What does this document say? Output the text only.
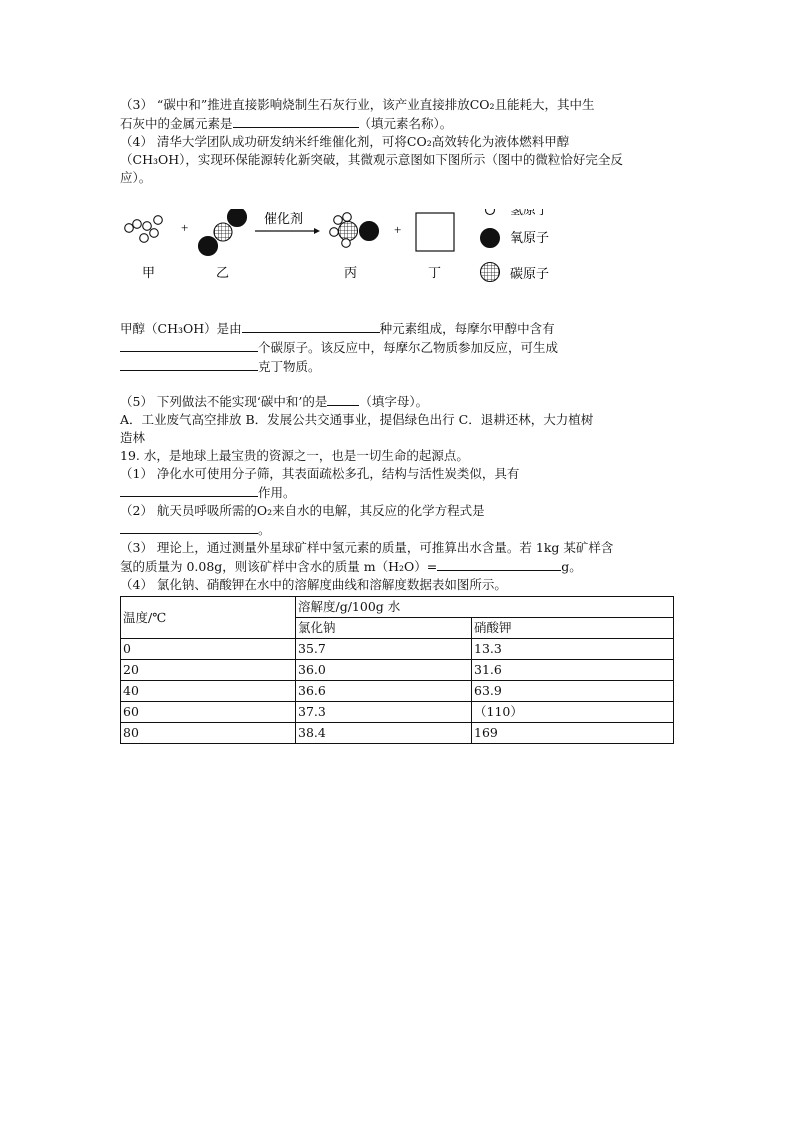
（3） “碳中和”推进直接影响烧制生石灰行业，该产业直接排放CO₂且能耗大，其中生

石灰中的金属元素是	（填元素名称）。

（4） 清华大学团队成功研发纳米纤维催化剂，可将CO₂高效转化为液体燃料甲醇

（CH₃OH），实现环保能源转化新突破，其微观示意图如下图所示（图中的微粒恰好完全反

应）。

+
催化剂
+
氢原子
氧原子
碳原子
甲	乙	丙	丁

甲醇（CH₃OH）是由	种元素组成，每摩尔甲醇中含有

个碳原子。该反应中，每摩尔乙物质参加反应，可生成

克丁物质。

（5） 下列做法不能实现‘碳中和’的是	（填字母）。

A．工业废气高空排放 B．发展公共交通事业，提倡绿色出行 C．退耕还林，大力植树

造林

19. 水，是地球上最宝贵的资源之一，也是一切生命的起源点。

（1） 净化水可使用分子筛，其表面疏松多孔，结构与活性炭类似，具有

作用。

（2） 航天员呼吸所需的O₂来自水的电解，其反应的化学方程式是

。

（3） 理论上，通过测量外星球矿样中氢元素的质量，可推算出水含量。若 1kg 某矿样含

氢的质量为 0.08g，则该矿样中含水的质量 m（H₂O）=	g。

（4） 氯化钠、硝酸钾在水中的溶解度曲线和溶解度数据表如图所示。

温度/℃	溶解度/g/100g 水	
	氯化钠	硝酸钾
0	35.7	13.3
20	36.0	31.6
40	36.6	63.9
60	37.3	（110）
80	38.4	169
